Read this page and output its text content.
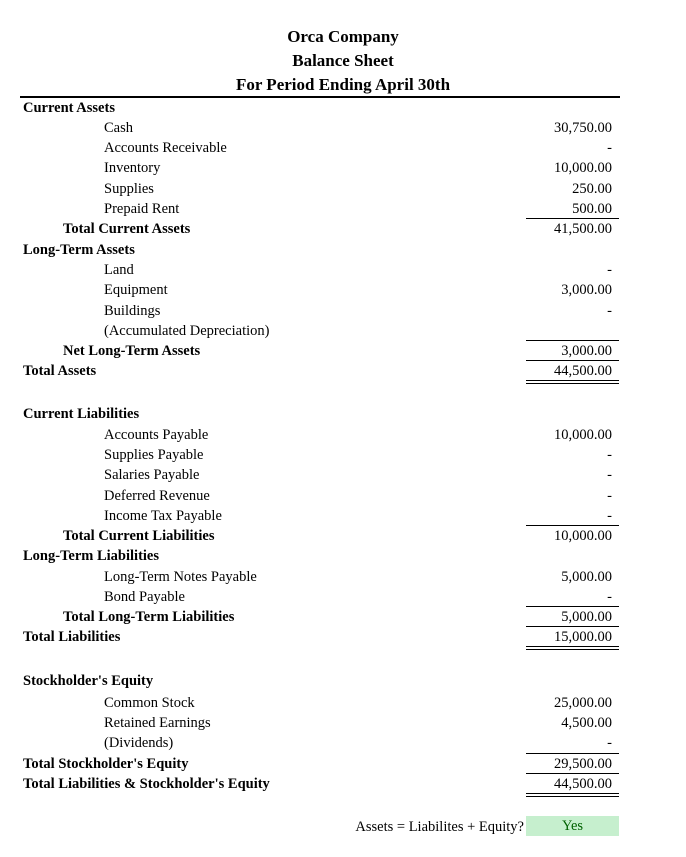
Orca Company
Balance Sheet
For Period Ending April 30th
Current Assets
Cash	30,750.00
Accounts Receivable	-
Inventory	10,000.00
Supplies	250.00
Prepaid Rent	500.00
Total Current Assets	41,500.00
Long-Term Assets
Land	-
Equipment	3,000.00
Buildings	-
(Accumulated Depreciation)
Net Long-Term Assets	3,000.00
Total Assets	44,500.00
Current Liabilities
Accounts Payable	10,000.00
Supplies Payable	-
Salaries Payable	-
Deferred Revenue	-
Income Tax Payable	-
Total Current Liabilities	10,000.00
Long-Term Liabilities
Long-Term Notes Payable	5,000.00
Bond Payable	-
Total Long-Term Liabilities	5,000.00
Total Liabilities	15,000.00
Stockholder's Equity
Common Stock	25,000.00
Retained Earnings	4,500.00
(Dividends)	-
Total Stockholder's Equity	29,500.00
Total Liabilities & Stockholder's Equity	44,500.00
Assets = Liabilites + Equity?	Yes
